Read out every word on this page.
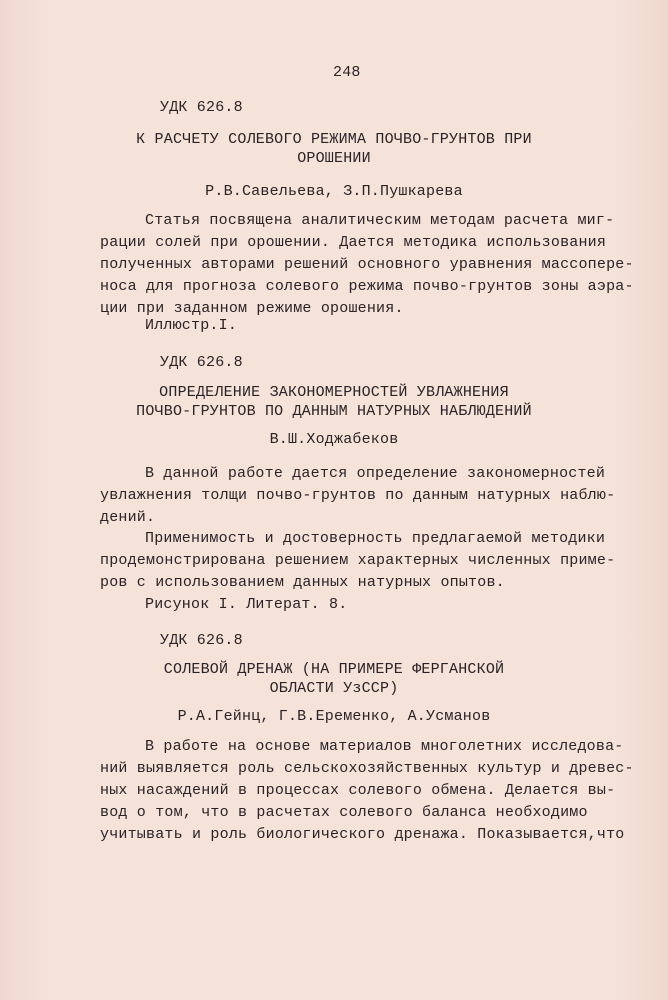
248
УДК 626.8
К РАСЧЕТУ СОЛЕВОГО РЕЖИМА ПОЧВО-ГРУНТОВ ПРИ
ОРОШЕНИИ
Р.В.Савельева, З.П.Пушкарева
Статья посвящена аналитическим методам расчета миг-
рации солей при орошении. Дается методика использования
полученных авторами решений основного уравнения массопере-
носа для прогноза солевого режима почво-грунтов зоны аэра-
ции при заданном режиме орошения.
Иллюстр.I.
УДК 626.8
ОПРЕДЕЛЕНИЕ ЗАКОНОМЕРНОСТЕЙ УВЛАЖНЕНИЯ
ПОЧВО-ГРУНТОВ ПО ДАННЫМ НАТУРНЫХ НАБЛЮДЕНИЙ
В.Ш.Ходжабеков
В данной работе дается определение закономерностей
увлажнения толщи почво-грунтов по данным натурных наблю-
дений.
Применимость и достоверность предлагаемой методики
продемонстрирована решением характерных численных приме-
ров с использованием данных натурных опытов.
Рисунок I. Литерат. 8.
УДК 626.8
СОЛЕВОЙ ДРЕНАЖ (НА ПРИМЕРЕ ФЕРГАНСКОЙ
ОБЛАСТИ УзССР)
Р.А.Гейнц, Г.В.Еременко, А.Усманов
В работе на основе материалов многолетних исследова-
ний выявляется роль сельскохозяйственных культур и древес-
ных насаждений в процессах солевого обмена. Делается вы-
вод о том, что в расчетах солевого баланса необходимо
учитывать и роль биологического дренажа. Показывается,что
